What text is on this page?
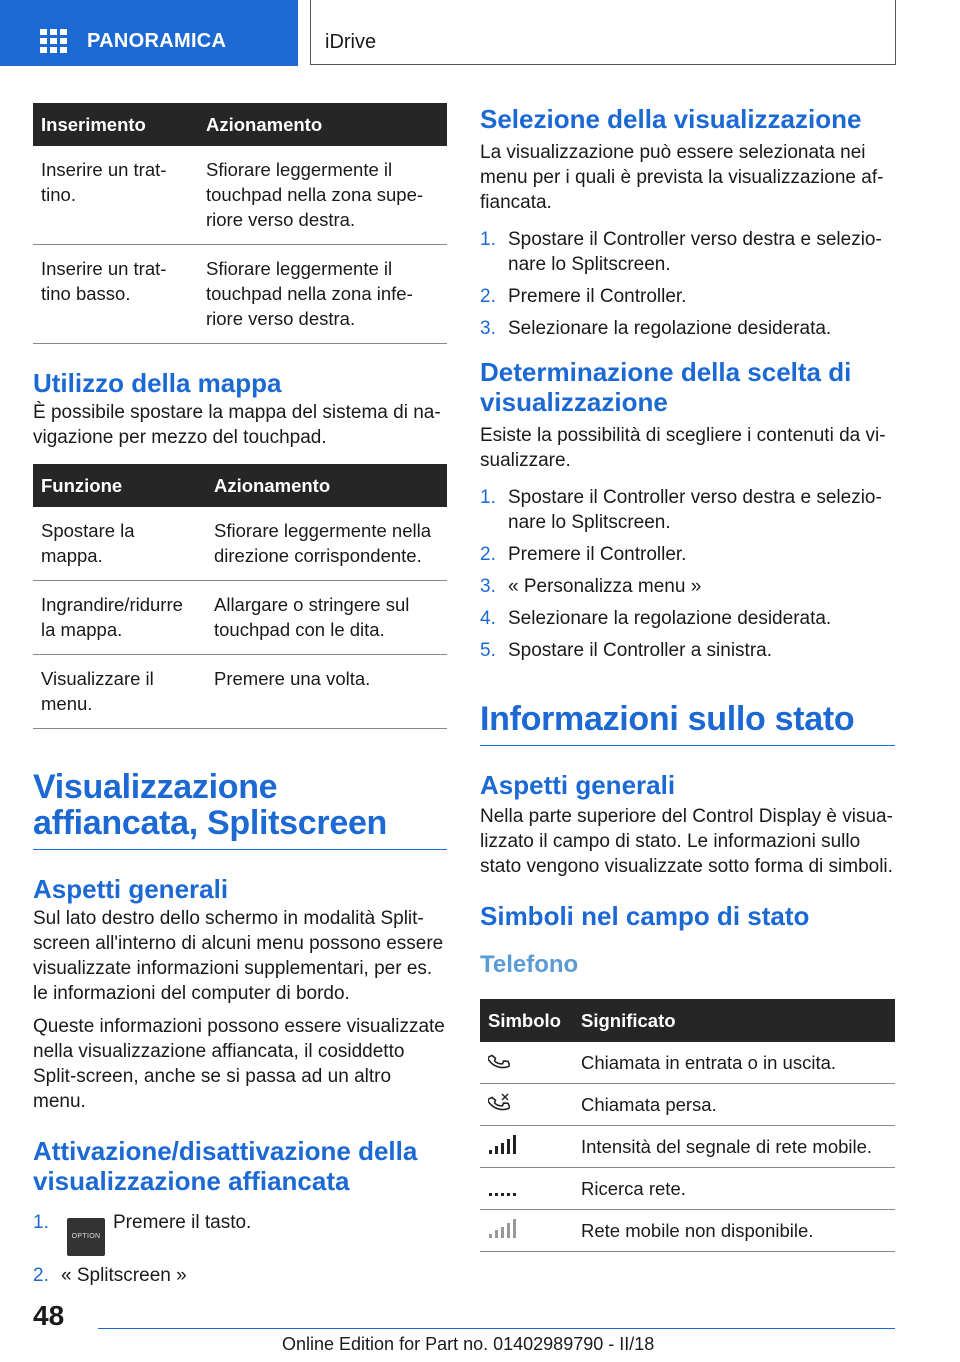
PANORAMICA	iDrive
Inserimento	Azionamento
Inserire un trat-tino.	Sfiorare leggermente il touchpad nella zona supe-riore verso destra.
Inserire un trat-tino basso.	Sfiorare leggermente il touchpad nella zona infe-riore verso destra.
Utilizzo della mappa

È possibile spostare la mappa del sistema di na-vigazione per mezzo del touchpad.

Funzione	Azionamento
Spostare la mappa.	Sfiorare leggermente nella direzione corrispondente.
Ingrandire/ridurre la mappa.	Allargare o stringere sul touchpad con le dita.
Visualizzare il menu.	Premere una volta.
Visualizzazione affiancata, Splitscreen
Aspetti generali

Sul lato destro dello schermo in modalità Split-screen all'interno di alcuni menu possono essere visualizzate informazioni supplementari, per es. le informazioni del computer di bordo.

Queste informazioni possono essere visualizzate nella visualizzazione affiancata, il cosiddetto Split-screen, anche se si passa ad un altro menu.

Attivazione/disattivazione della visualizzazione affiancata
1.
OPTIONPremere il tasto.
2. « Splitscreen »
Selezione della visualizzazione

La visualizzazione può essere selezionata nei menu per i quali è prevista la visualizzazione af-fiancata.

1. Spostare il Controller verso destra e selezio-nare lo Splitscreen.
2. Premere il Controller.
3. Selezionare la regolazione desiderata.
Determinazione della scelta di visualizzazione

Esiste la possibilità di scegliere i contenuti da vi-sualizzare.

1. Spostare il Controller verso destra e selezio-nare lo Splitscreen.
2. Premere il Controller.
3. « Personalizza menu »
4. Selezionare la regolazione desiderata.
5. Spostare il Controller a sinistra.
Informazioni sullo stato
Aspetti generali

Nella parte superiore del Control Display è visua-lizzato il campo di stato. Le informazioni sullo stato vengono visualizzate sotto forma di simboli.

Simboli nel campo di stato
Telefono
Simbolo	Significato

	Chiamata in entrata o in uscita.

	Chiamata persa.

	Intensità del segnale di rete mobile.

	Ricerca rete.

	Rete mobile non disponibile.
48
Online Edition for Part no. 01402989790 - II/18
